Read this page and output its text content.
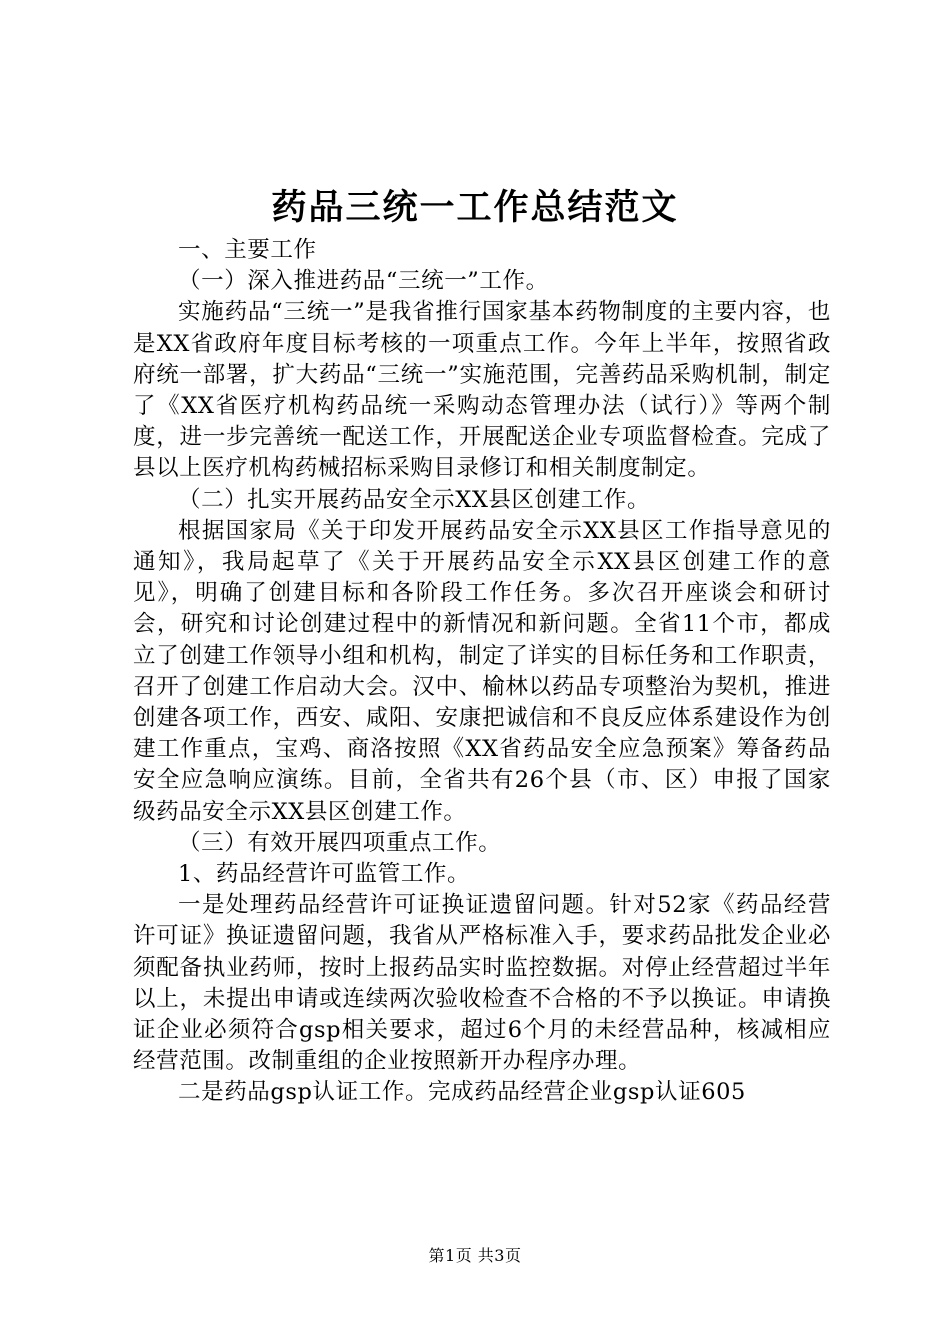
药品三统一工作总结范文

一、主要工作

（一）深入推进药品“三统一”工作。

实施药品“三统一”是我省推行国家基本药物制度的主要内容，也是XX省政府年度目标考核的一项重点工作。今年上半年，按照省政府统一部署，扩大药品“三统一”实施范围，完善药品采购机制，制定了《XX省医疗机构药品统一采购动态管理办法（试行）》等两个制度，进一步完善统一配送工作，开展配送企业专项监督检查。完成了县以上医疗机构药械招标采购目录修订和相关制度制定。

（二）扎实开展药品安全示XX县区创建工作。

根据国家局《关于印发开展药品安全示XX县区工作指导意见的通知》，我局起草了《关于开展药品安全示XX县区创建工作的意见》，明确了创建目标和各阶段工作任务。多次召开座谈会和研讨会，研究和讨论创建过程中的新情况和新问题。全省11个市，都成立了创建工作领导小组和机构，制定了详实的目标任务和工作职责，召开了创建工作启动大会。汉中、榆林以药品专项整治为契机，推进创建各项工作，西安、咸阳、安康把诚信和不良反应体系建设作为创建工作重点，宝鸡、商洛按照《XX省药品安全应急预案》筹备药品安全应急响应演练。目前，全省共有26个县（市、区）申报了国家级药品安全示XX县区创建工作。

（三）有效开展四项重点工作。

1、药品经营许可监管工作。

一是处理药品经营许可证换证遗留问题。针对52家《药品经营许可证》换证遗留问题，我省从严格标准入手，要求药品批发企业必须配备执业药师，按时上报药品实时监控数据。对停止经营超过半年以上，未提出申请或连续两次验收检查不合格的不予以换证。申请换证企业必须符合gsp相关要求，超过6个月的未经营品种，核减相应经营范围。改制重组的企业按照新开办程序办理。

二是药品gsp认证工作。完成药品经营企业gsp认证605

第1页 共3页
